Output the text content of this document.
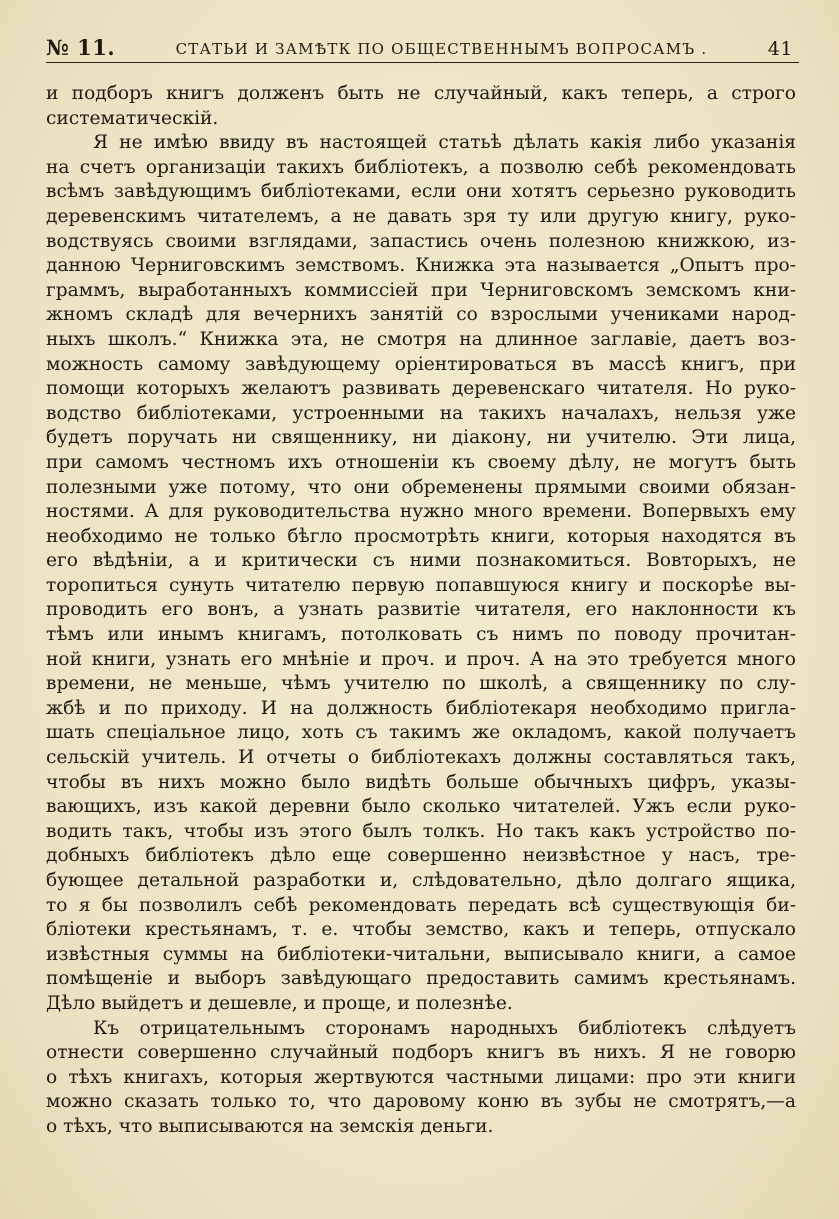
№ 11.	СТАТЬИ И ЗАМѢТК ПО ОБЩЕСТВЕННЫМЪ ВОПРОСАМЪ .	41
и подборъ книгъ долженъ быть не случайный, какъ теперь, а строго
систематическій.
Я не имѣю ввиду въ настоящей статьѣ дѣлать какія либо указанія
на счетъ организаціи такихъ библіотекъ, а позволю себѣ рекомендовать
всѣмъ завѣдующимъ библіотеками, если они хотятъ серьезно руководить
деревенскимъ читателемъ, а не давать зря ту или другую книгу, руко-
водствуясь своими взглядами, запастись очень полезною книжкою, из-
данною Черниговскимъ земствомъ. Книжка эта называется „Опытъ про-
граммъ, выработанныхъ коммиссіей при Черниговскомъ земскомъ кни-
жномъ складѣ для вечернихъ занятій со взрослыми учениками народ-
ныхъ школъ.“ Книжка эта, не смотря на длинное заглавіе, даетъ воз-
можность самому завѣдующему оріентироваться въ массѣ книгъ, при
помощи которыхъ желаютъ развивать деревенскаго читателя. Но руко-
водство библіотеками, устроенными на такихъ началахъ, нельзя уже
будетъ поручать ни священнику, ни діакону, ни учителю. Эти лица,
при самомъ честномъ ихъ отношеніи къ своему дѣлу, не могутъ быть
полезными уже потому, что они обременены прямыми своими обязан-
ностями. А для руководительства нужно много времени. Вопервыхъ ему
необходимо не только бѣгло просмотрѣть книги, которыя находятся въ
его вѣдѣніи, а и критически съ ними познакомиться. Вовторыхъ, не
торопиться сунуть читателю первую попавшуюся книгу и поскорѣе вы-
проводить его вонъ, а узнать развитіе читателя, его наклонности къ
тѣмъ или инымъ книгамъ, потолковать съ нимъ по поводу прочитан-
ной книги, узнать его мнѣніе и проч. и проч. А на это требуется много
времени, не меньше, чѣмъ учителю по школѣ, а священнику по слу-
жбѣ и по приходу. И на должность библіотекаря необходимо пригла-
шать спеціальное лицо, хоть съ такимъ же окладомъ, какой получаетъ
сельскій учитель. И отчеты о библіотекахъ должны составляться такъ,
чтобы въ нихъ можно было видѣть больше обычныхъ цифръ, указы-
вающихъ, изъ какой деревни было сколько читателей. Ужъ если руко-
водить такъ, чтобы изъ этого былъ толкъ. Но такъ какъ устройство по-
добныхъ библіотекъ дѣло еще совершенно неизвѣстное у насъ, тре-
бующее детальной разработки и, слѣдовательно, дѣло долгаго ящика,
то я бы позволилъ себѣ рекомендовать передать всѣ существующія би-
бліотеки крестьянамъ, т. е. чтобы земство, какъ и теперь, отпускало
извѣстныя суммы на библіотеки-читальни, выписывало книги, а самое
помѣщеніе и выборъ завѣдующаго предоставить самимъ крестьянамъ.
Дѣло выйдетъ и дешевле, и проще, и полезнѣе.
Къ отрицательнымъ сторонамъ народныхъ библіотекъ слѣдуетъ
отнести совершенно случайный подборъ книгъ въ нихъ. Я не говорю
о тѣхъ книгахъ, которыя жертвуются частными лицами: про эти книги
можно сказать только то, что даровому коню въ зубы не смотрятъ,—а
о тѣхъ, что выписываются на земскія деньги.
